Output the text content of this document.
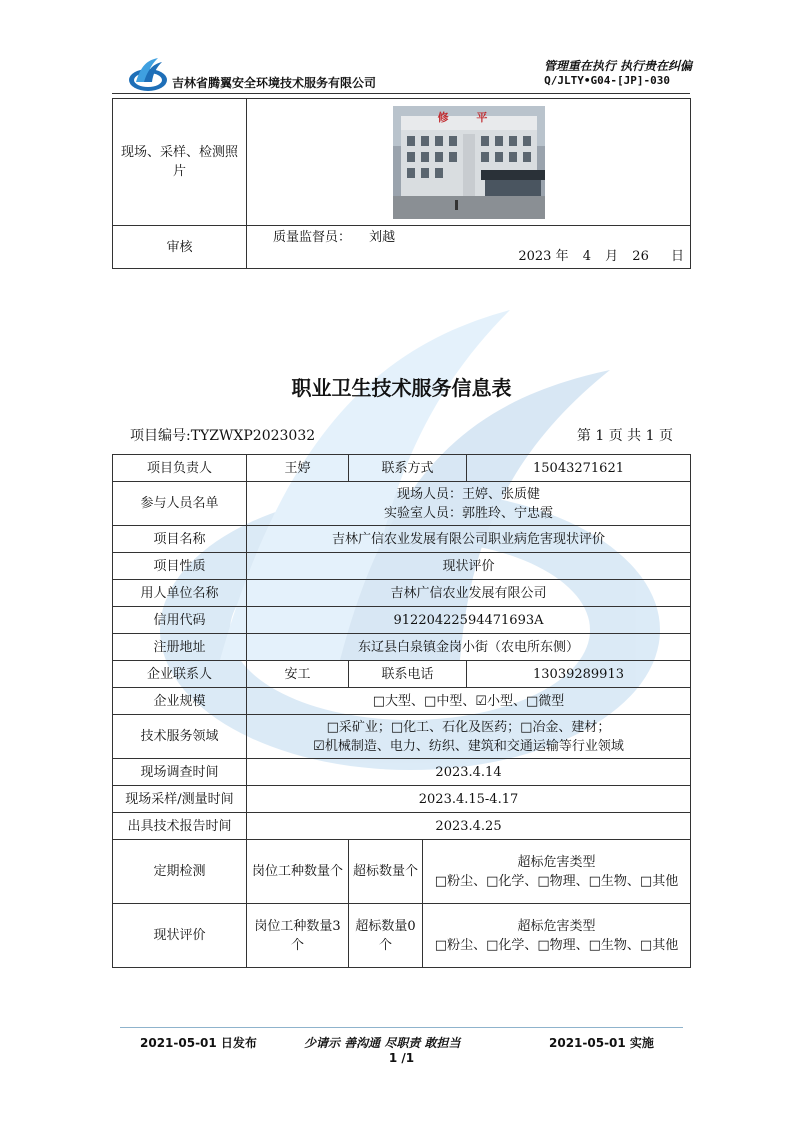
吉林省腾翼安全环境技术服务有限公司
管理重在执行 执行贵在纠偏
Q/JLTY•G04-[JP]-030
现场、采样、检测照片	修 平

审核	质量监督员： 刘越
2023 年 4 月 26 日
职业卫生技术服务信息表
项目编号:TYZWXP2023032	第 1 页 共 1 页
项目负责人	王婷	联系方式		15043271621
参与人员名单	现场人员：王婷、张质健
实验室人员：郭胜玲、宁忠霞			

项目名称	吉林广信农业发展有限公司职业病危害现状评价			
项目性质	现状评价			
用人单位名称	吉林广信农业发展有限公司			
信用代码	91220422594471693A			
注册地址	东辽县白泉镇金岗小街（农电所东侧）			
企业联系人	安工	联系电话		13039289913
企业规模	□大型、□中型、☑小型、□微型			
技术服务领域	□采矿业；□化工、石化及医药；□冶金、建材；
☑机械制造、电力、纺织、建筑和交通运输等行业领域			

现场调查时间	2023.4.14			
现场采样/测量时间	2023.4.15-4.17			
出具技术报告时间	2023.4.25			
定期检测	岗位工种数量个	超标数量个	超标危害类型
□粉尘、□化学、□物理、□生物、□其他	

现状评价	岗位工种数量3个	超标数量0个	超标危害类型
□粉尘、□化学、□物理、□生物、□其他	
2021-05-01 日发布	少请示 善沟通 尽职责 敢担当	2021-05-01 实施
1 /1
